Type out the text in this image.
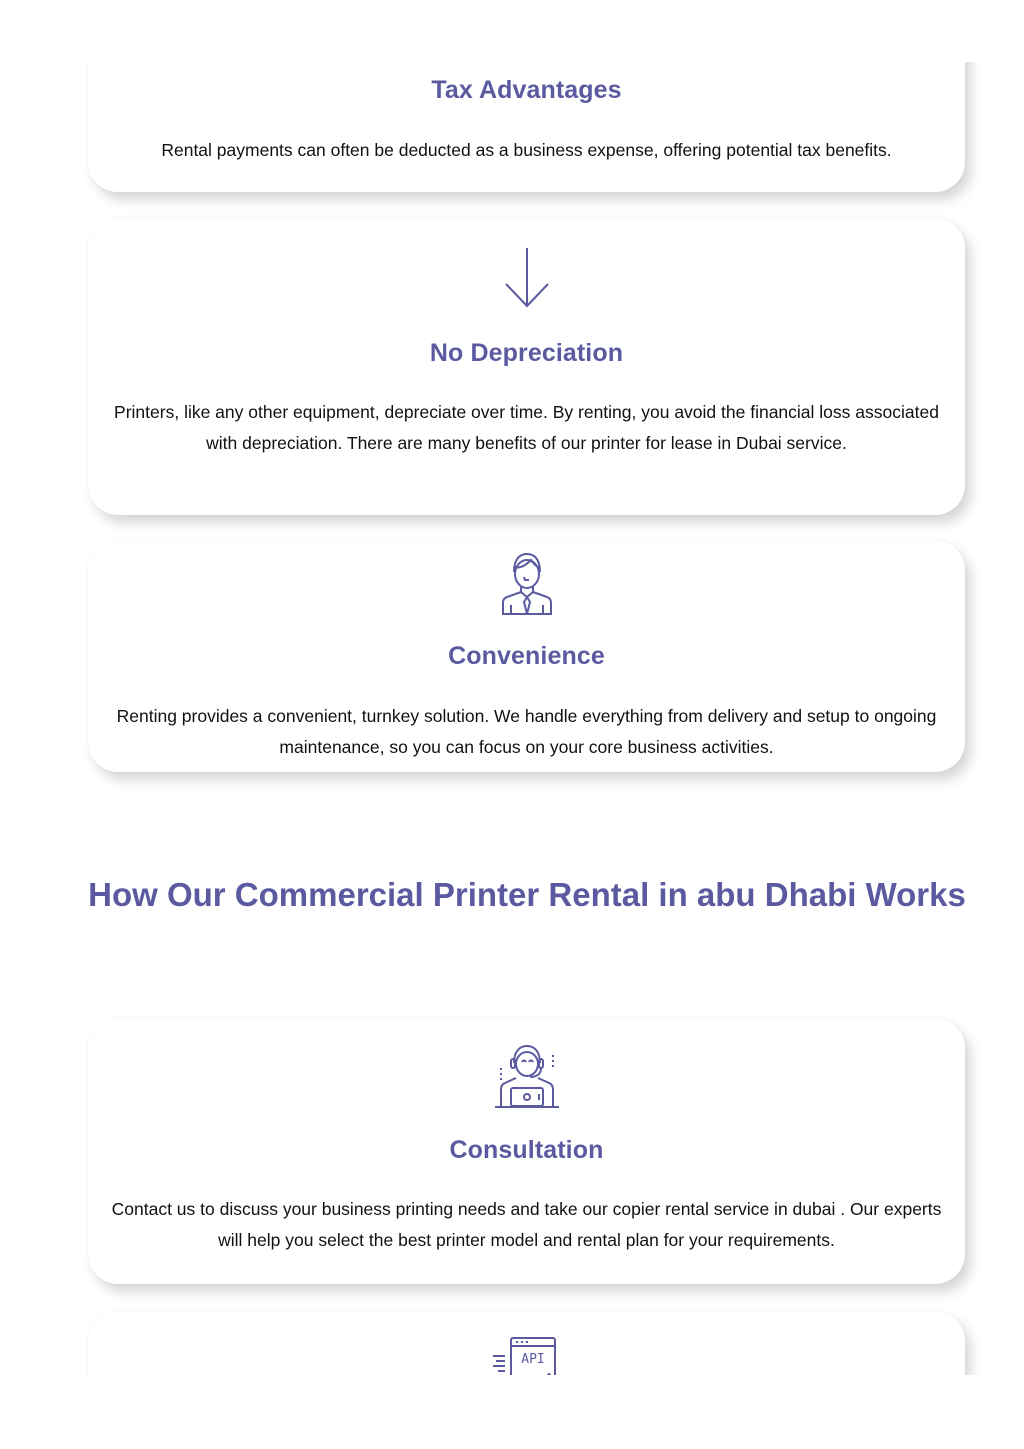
Tax Advantages
Rental payments can often be deducted as a business expense, offering potential tax benefits.
No Depreciation
Printers, like any other equipment, depreciate over time. By renting, you avoid the financial loss associated with depreciation. There are many benefits of our printer for lease in Dubai service.
Convenience
Renting provides a convenient, turnkey solution. We handle everything from delivery and setup to ongoing maintenance, so you can focus on your core business activities.
How Our Commercial Printer Rental in abu Dhabi Works
Consultation
Contact us to discuss your business printing needs and take our copier rental service in dubai . Our experts will help you select the best printer model and rental plan for your requirements.
API
